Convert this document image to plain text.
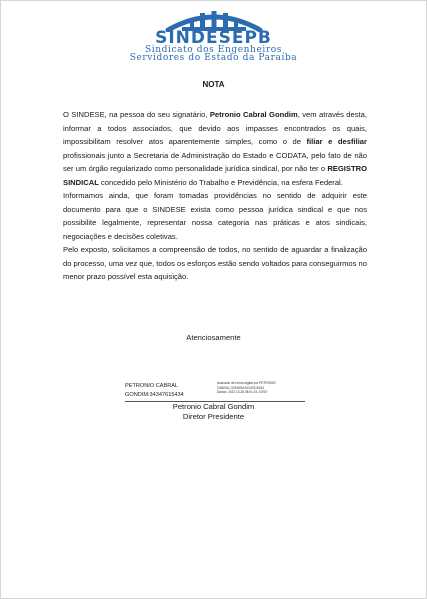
SINDESEPB
Sindicato dos Engenheiros
Servidores do Estado da Paraíba
NOTA

O SINDESE, na pessoa do seu signatário, Petronio Cabral Gondim, vem através desta, informar a todos associados, que devido aos impasses encontrados os quais, impossibilitam resolver atos aparentemente simples, como o de filiar e desfiliar profissionais junto a Secretaria de Administração do Estado e CODATA, pelo fato de não ser um órgão regularizado como personalidade jurídica sindical, por não ter o REGISTRO SINDICAL concedido pelo Ministério do Trabalho e Previdência, na esfera Federal.

Informamos ainda, que foram tomadas providências no sentido de adquirir este documento para que o SINDESE exista como pessoa jurídica sindical e que nos possibilite legalmente, representar nossa categoria nas práticas e atos sindicais, negociações e decisões coletivas.

Pelo exposto, solicitamos a compreensão de todos, no sentido de aguardar a finalização do processo, uma vez que, todos os esforços estão sendo voltados para conseguirmos no menor prazo possível esta aquisição.

Atenciosamente
PETRONIO CABRAL
GONDIM:34347615434
Assinado de forma digital por PETRONIO
CABRAL GONDIM:34347615434
Dados: 2022.10.28 08:01:15 -03'00'
Petronio Cabral Gondim
Diretor Presidente
